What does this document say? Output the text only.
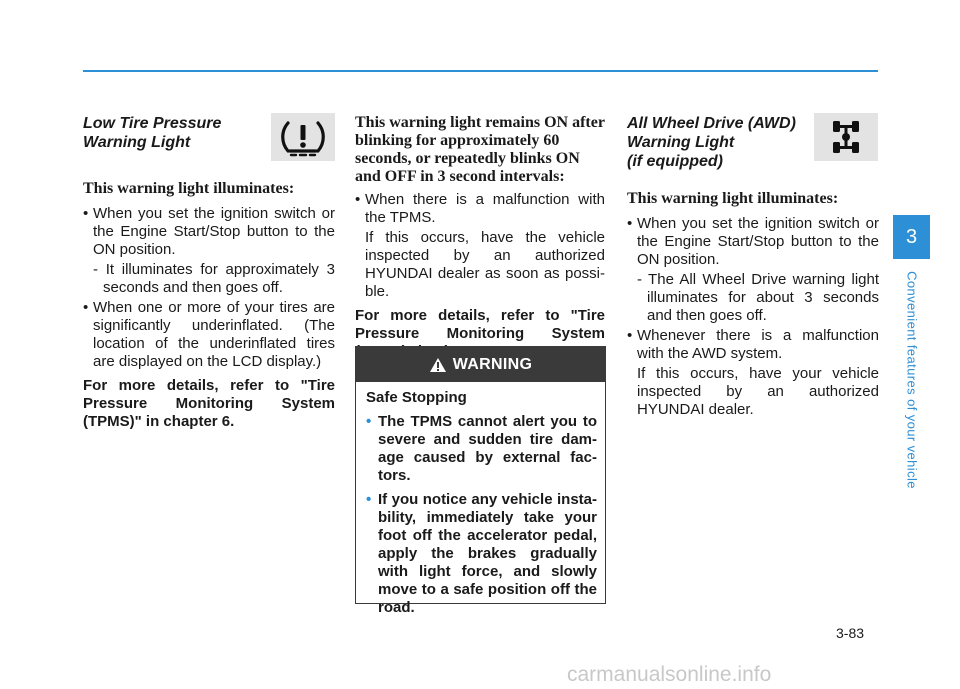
Low Tire Pressure
Warning Light
This warning light illuminates:
• When you set the ignition switch or the Engine Start/Stop button to the ON position.
- It illuminates for approximately 3 seconds and then goes off.
• When one or more of your tires are significantly underinflated. (The location of the underinflated tires are displayed on the LCD display.)
For more details, refer to "Tire Pressure Monitoring System (TPMS)" in chapter 6.
This warning light remains ON after blinking for approximately 60 seconds, or repeatedly blinks ON and OFF in 3 second intervals:
• When there is a malfunction with the TPMS.
If this occurs, have the vehicle inspected by an authorized HYUNDAI dealer as soon as possi-ble.
For more details, refer to "Tire Pressure Monitoring System
WARNING
Safe Stopping
• The TPMS cannot alert you to severe and sudden tire dam-age caused by external fac-tors.
• If you notice any vehicle insta-bility, immediately take your foot off the accelerator pedal, apply the brakes gradually with light force, and slowly move to a safe position off the road.
All Wheel Drive (AWD)
Warning Light
(if equipped)
This warning light illuminates:
• When you set the ignition switch or the Engine Start/Stop button to the ON position.
- The All Wheel Drive warning light illuminates for about 3 seconds and then goes off.
• Whenever there is a malfunction with the AWD system.
If this occurs, have your vehicle inspected by an authorized HYUNDAI dealer.
3
Convenient features of your vehicle
3-83
carmanualsonline.info
